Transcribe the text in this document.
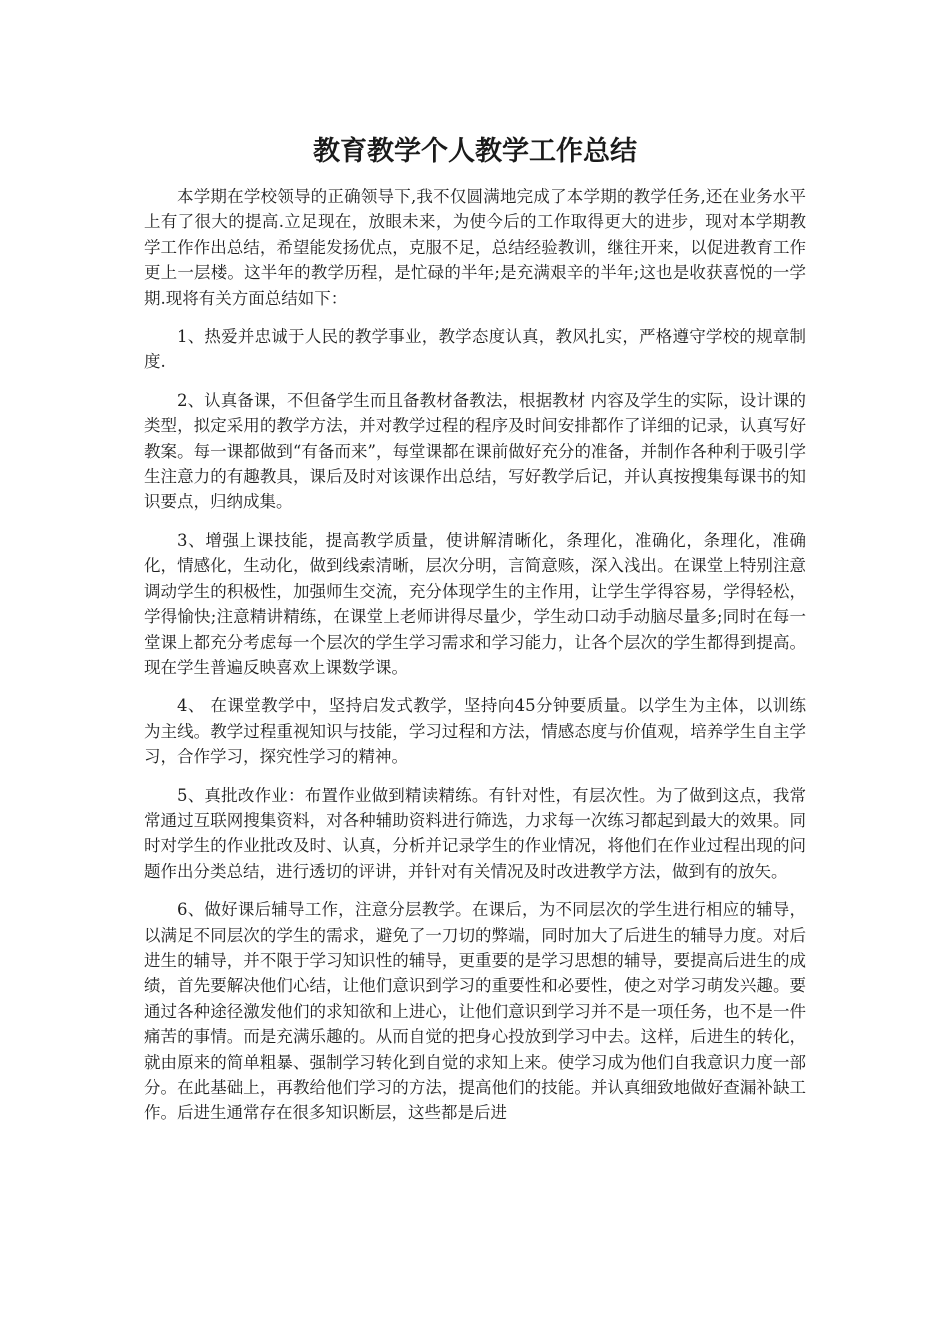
教育教学个人教学工作总结

本学期在学校领导的正确领导下,我不仅圆满地完成了本学期的教学任务,还在业务水平上有了很大的提高.立足现在，放眼未来，为使今后的工作取得更大的进步，现对本学期教学工作作出总结，希望能发扬优点，克服不足，总结经验教训，继往开来，以促进教育工作更上一层楼。这半年的教学历程，是忙碌的半年;是充满艰辛的半年;这也是收获喜悦的一学期.现将有关方面总结如下：

1、热爱并忠诚于人民的教学事业，教学态度认真，教风扎实，严格遵守学校的规章制度.

2、认真备课，不但备学生而且备教材备教法，根据教材 内容及学生的实际，设计课的类型，拟定采用的教学方法，并对教学过程的程序及时间安排都作了详细的记录，认真写好教案。每一课都做到“有备而来”，每堂课都在课前做好充分的准备，并制作各种利于吸引学生注意力的有趣教具，课后及时对该课作出总结，写好教学后记，并认真按搜集每课书的知识要点，归纳成集。

3、增强上课技能，提高教学质量，使讲解清晰化，条理化，准确化，条理化，准确化，情感化，生动化，做到线索清晰，层次分明，言简意赅，深入浅出。在课堂上特别注意调动学生的积极性，加强师生交流，充分体现学生的主作用，让学生学得容易，学得轻松，学得愉快;注意精讲精练，在课堂上老师讲得尽量少，学生动口动手动脑尽量多;同时在每一堂课上都充分考虑每一个层次的学生学习需求和学习能力，让各个层次的学生都得到提高。现在学生普遍反映喜欢上课数学课。

4、 在课堂教学中，坚持启发式教学，坚持向45分钟要质量。以学生为主体，以训练为主线。教学过程重视知识与技能，学习过程和方法，情感态度与价值观，培养学生自主学习，合作学习，探究性学习的精神。

5、真批改作业：布置作业做到精读精练。有针对性，有层次性。为了做到这点，我常常通过互联网搜集资料，对各种辅助资料进行筛选，力求每一次练习都起到最大的效果。同时对学生的作业批改及时、认真，分析并记录学生的作业情况，将他们在作业过程出现的问题作出分类总结，进行透切的评讲，并针对有关情况及时改进教学方法，做到有的放矢。

6、做好课后辅导工作，注意分层教学。在课后，为不同层次的学生进行相应的辅导，以满足不同层次的学生的需求，避免了一刀切的弊端，同时加大了后进生的辅导力度。对后进生的辅导，并不限于学习知识性的辅导，更重要的是学习思想的辅导，要提高后进生的成绩，首先要解决他们心结，让他们意识到学习的重要性和必要性，使之对学习萌发兴趣。要通过各种途径激发他们的求知欲和上进心，让他们意识到学习并不是一项任务，也不是一件痛苦的事情。而是充满乐趣的。从而自觉的把身心投放到学习中去。这样，后进生的转化，就由原来的简单粗暴、强制学习转化到自觉的求知上来。使学习成为他们自我意识力度一部分。在此基础上，再教给他们学习的方法，提高他们的技能。并认真细致地做好查漏补缺工作。后进生通常存在很多知识断层，这些都是后进
